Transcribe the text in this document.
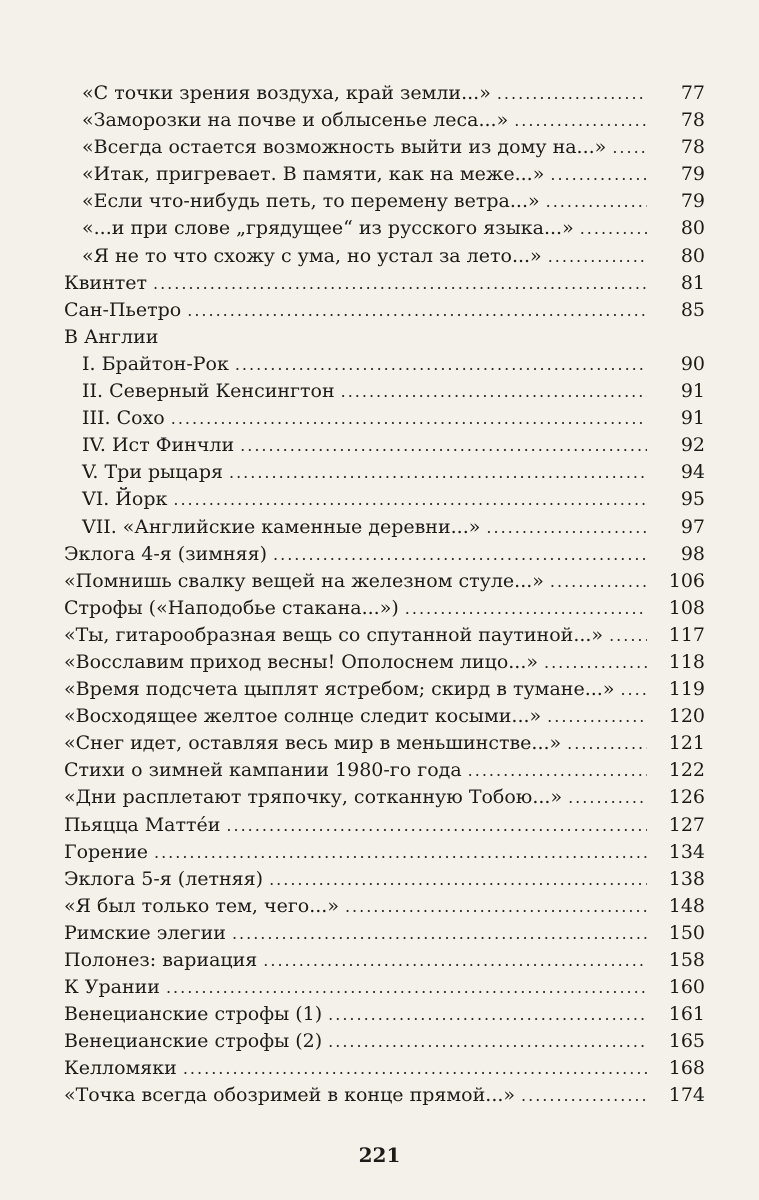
«С точки зрения воздуха, край земли...» .....	77
«Заморозки на почве и облысенье леса...» .....	78
«Всегда остается возможность выйти из дому на...» .....	78
«Итак, пригревает. В памяти, как на меже...» .....	79
«Если что-нибудь петь, то перемену ветра...» .....	79
«...и при слове „грядущее“ из русского языка...» .....	80
«Я не то что схожу с ума, но устал за лето...» .....	80
Квинтет .....	81
Сан-Пьетро .....	85
В Англии
I. Брайтон-Рок .....	90
II. Северный Кенсингтон .....	91
III. Сохо .....	91
IV. Ист Финчли .....	92
V. Три рыцаря .....	94
VI. Йорк .....	95
VII. «Английские каменные деревни...» .....	97
Эклога 4-я (зимняя) .....	98
«Помнишь свалку вещей на железном стуле...» .....	106
Строфы («Наподобье стакана...») .....	108
«Ты, гитарообразная вещь со спутанной паутиной...» .....	117
«Восславим приход весны! Ополоснем лицо...» .....	118
«Время подсчета цыплят ястребом; скирд в тумане...» .....	119
«Восходящее желтое солнце следит косыми...» .....	120
«Снег идет, оставляя весь мир в меньшинстве...» .....	121
Стихи о зимней кампании 1980-го года .....	122
«Дни расплетают тряпочку, сотканную Тобою...» .....	126
Пьяцца Маттéи .....	127
Горение .....	134
Эклога 5-я (летняя) .....	138
«Я был только тем, чего...» .....	148
Римские элегии .....	150
Полонез: вариация .....	158
К Урании .....	160
Венецианские строфы (1) .....	161
Венецианские строфы (2) .....	165
Келломяки .....	168
«Точка всегда обозримей в конце прямой...» .....	174
221
